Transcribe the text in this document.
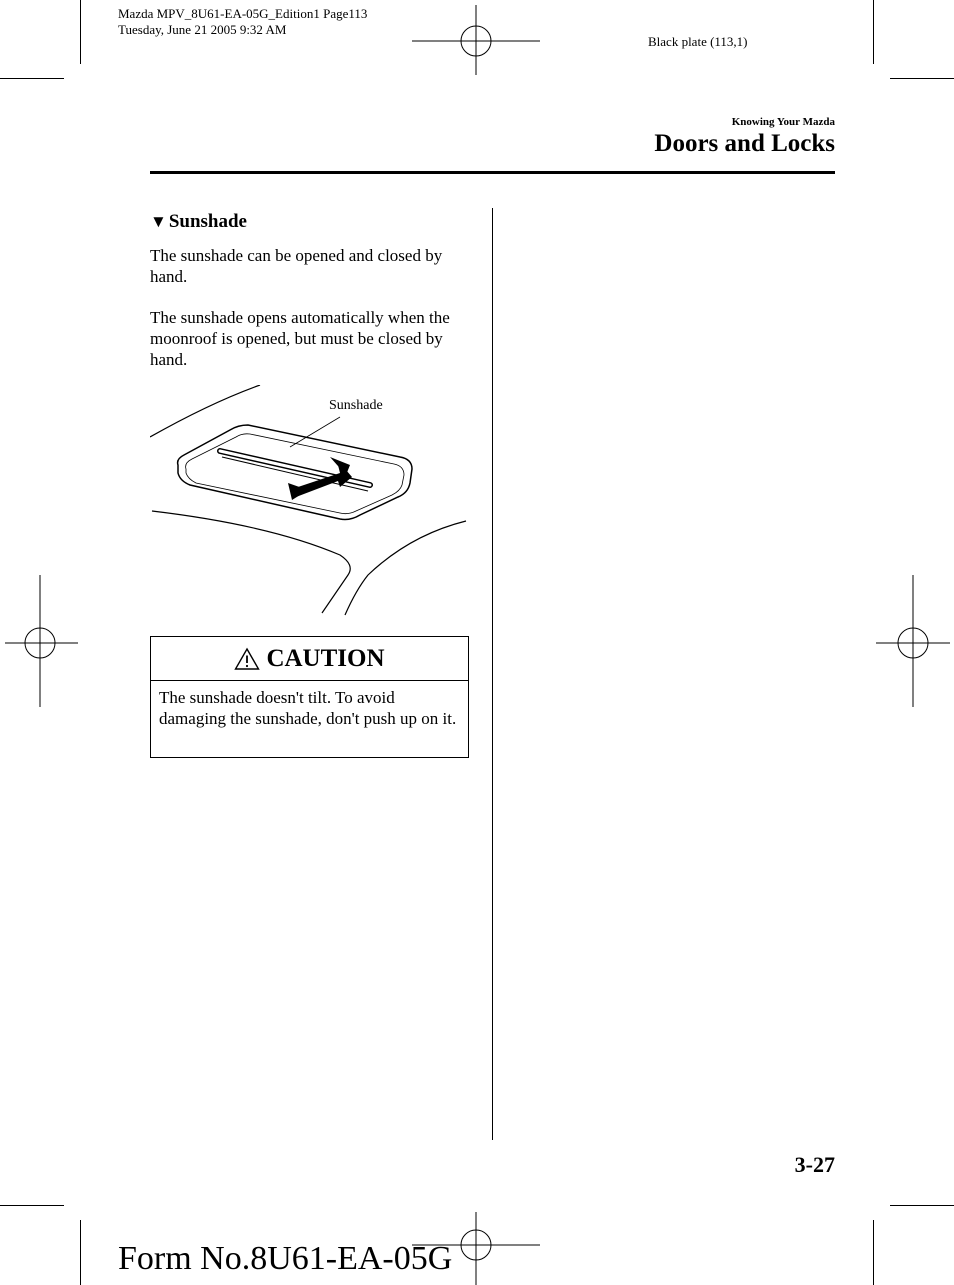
Mazda MPV_8U61-EA-05G_Edition1 Page113
Tuesday, June 21 2005 9:32 AM
Black plate (113,1)
Knowing Your Mazda
Doors and Locks
▼ Sunshade
The sunshade can be opened and closed by hand.
The sunshade opens automatically when the moonroof is opened, but must be closed by hand.
Sunshade
CAUTION
The sunshade doesn't tilt. To avoid damaging the sunshade, don't push up on it.
3-27
Form No.8U61-EA-05G
